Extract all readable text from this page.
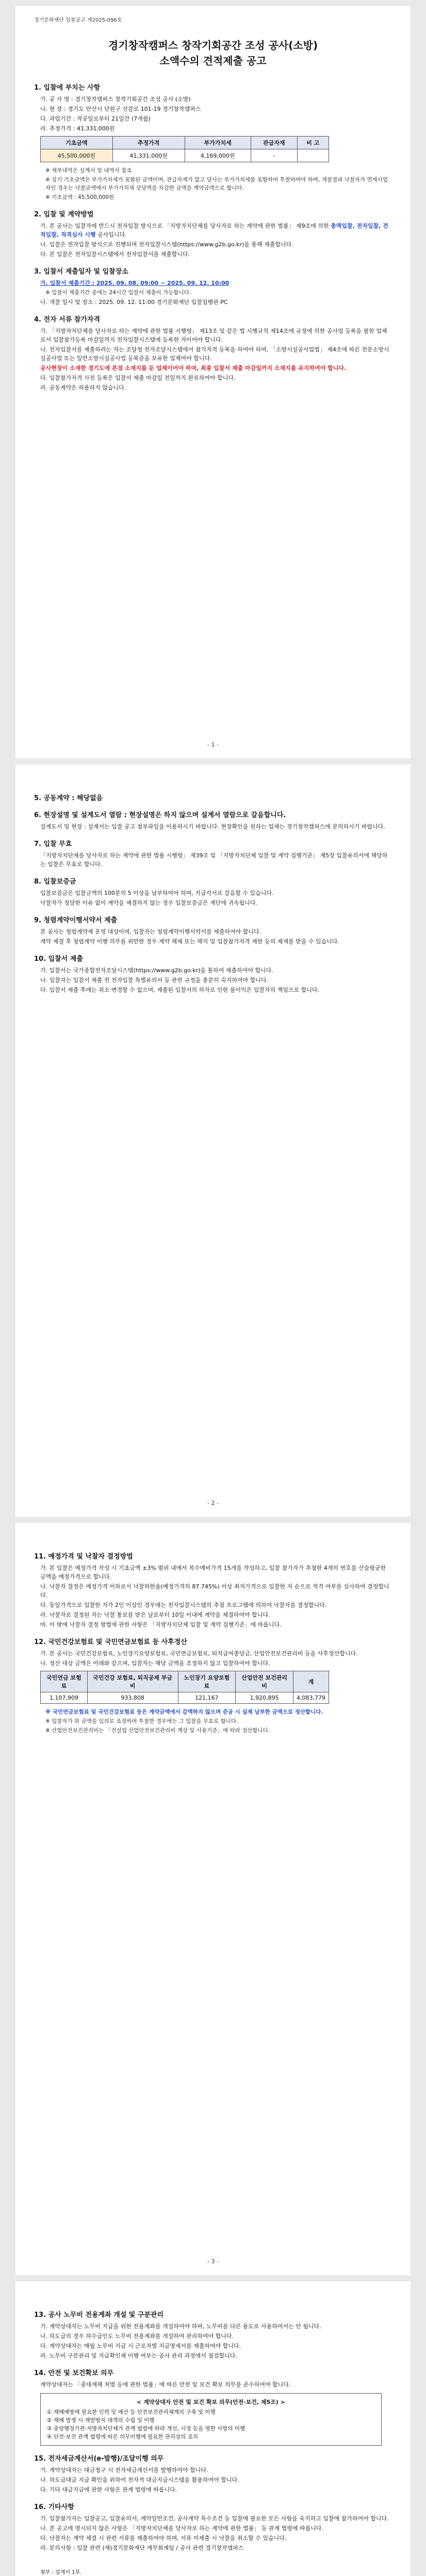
경기문화재단 입찰공고 제2025-096호
경기창작캠퍼스 창작기회공간 조성 공사(소방)
소액수의 견적제출 공고
1. 입찰에 부치는 사항
가. 공 사 명 : 경기창작캠퍼스 창작기회공간 조성 공사 (소방)
나. 현 장 : 경기도 안산시 단원구 선감로 101-19 경기창작캠퍼스
다. 과업기간 : 착공일로부터 21일간 (7개월)
라. 추정가격 : 41,331,000원
기초금액	추정가격	부가가치세	관급자재	비 고
45,500,000원	41,331,000원	4,169,000원	-	
※ 세부내역은 설계서 및 내역서 참조
※ 상기 기초금액은 부가가치세가 포함된 금액이며, 관급자재가 없고 당사는 부가가치세를 포함하여 투찰하여야 하며, 개찰결과 낙찰자가 면세사업자인 경우는 낙찰금액에서 부가가치세 상당액을 차감한 금액을 계약금액으로 합니다.
※ 기초금액 : 45,500,000원
2. 입찰 및 계약방법
가. 본 공사는 입찰자에 반드시 전자입찰 방식으로 「지방자치단체를 당사자로 하는 계약에 관한 법률」 제9조에 의한 총액입찰, 전자입찰, 견적입찰, 적격심사 시행 공사입니다.
나. 입찰은 전자입찰 방식으로 진행되며 전자입찰시스템(https://www.g2b.go.kr)을 통해 제출합니다.
다. 본 입찰은 전자입찰시스템에서 전자입찰서를 제출합니다.
3. 입찰서 제출일자 및 입찰장소
가. 입찰서 제출기간 : 2025. 09. 08. 09:00 ~ 2025. 09. 12. 10:00
※ 입찰서 제출기간 중에는 24시간 입찰서 제출이 가능합니다.
나. 개찰 일시 및 장소 : 2025. 09. 12. 11:00 경기문화재단 입찰집행관 PC
4. 전자 서류 참가자격
가. 「지방자치단체를 당사자로 하는 계약에 관한 법률 시행령」 제13조 및 같은 법 시행규칙 제14조에 규정에 의한 공사업 등록을 필한 업체로서 입찰참가등록 마감일까지 전자입찰시스템에 등록한 자이어야 합니다.
나. 전자입찰서를 제출하려는 자는 조달청 전자조달시스템에서 참가자격 등록을 하여야 하며, 「소방시설공사업법」 제4조에 따른 전문소방시설공사업 또는 일반소방시설공사업 등록증을 보유한 업체여야 합니다.
공사현장이 소재한 경기도에 본점 소재지를 둔 업체이어야 하며, 최종 입찰서 제출 마감일까지 소재지를 유지하여야 합니다.
다. 입찰참가자격 사전 등록은 입찰서 제출 마감일 전일까지 완료하여야 합니다.
라. 공동계약은 허용하지 않습니다.
- 1 -
5. 공동계약 : 해당없음
6. 현장설명 및 설계도서 열람 : 현장설명은 하지 않으며 설계서 열람으로 갈음합니다.
설계도서 및 현장 : 설계서는 입찰 공고 첨부파일을 이용하시기 바랍니다. 현장확인을 원하는 업체는 경기창작캠퍼스에 문의하시기 바랍니다.
7. 입찰 무효
「지방자치단체를 당사자로 하는 계약에 관한 법률 시행령」 제39조 및 「지방자치단체 입찰 및 계약 집행기준」 제5장 입찰유의서에 해당하는 입찰은 무효로 합니다.
8. 입찰보증금
입찰보증금은 입찰금액의 100분의 5 이상을 납부하여야 하며, 지급각서로 갈음할 수 있습니다.
낙찰자가 정당한 이유 없이 계약을 체결하지 않는 경우 입찰보증금은 재단에 귀속됩니다.
9. 청렴계약이행서약서 제출
본 공사는 청렴계약제 운영 대상이며, 입찰자는 청렴계약이행서약서를 제출하여야 합니다.
계약 체결 후 청렴계약 이행 의무를 위반한 경우 계약 해제 또는 해지 및 입찰참가자격 제한 등의 제재를 받을 수 있습니다.
10. 입찰서 제출
가. 입찰서는 국가종합전자조달시스템(https://www.g2b.go.kr)을 통하여 제출하여야 합니다.
나. 입찰자는 입찰서 제출 전 전자입찰 특별유의서 등 관련 규정을 충분히 숙지하여야 합니다.
다. 입찰서 제출 후에는 취소·변경할 수 없으며, 제출된 입찰서의 하자로 인한 불이익은 입찰자의 책임으로 합니다.
- 2 -
11. 예정가격 및 낙찰자 결정방법
가. 본 입찰은 예정가격 작성 시 기초금액 ±3% 범위 내에서 복수예비가격 15개를 작성하고, 입찰 참가자가 추첨한 4개의 번호를 산술평균한 금액을 예정가격으로 합니다.
나. 낙찰자 결정은 예정가격 이하로서 낙찰하한율(예정가격의 87.745%) 이상 최저가격으로 입찰한 자 순으로 적격 여부를 심사하여 결정합니다.
다. 동일가격으로 입찰한 자가 2인 이상인 경우에는 전자입찰시스템의 추첨 프로그램에 의하여 낙찰자를 결정합니다.
라. 낙찰자로 결정된 자는 낙찰 통보를 받은 날로부터 10일 이내에 계약을 체결하여야 합니다.
마. 이 밖에 낙찰자 결정 방법에 관한 사항은 「지방자치단체 입찰 및 계약 집행기준」에 따릅니다.
12. 국민건강보험료 및 국민연금보험료 등 사후정산
가. 본 공사는 국민건강보험료, 노인장기요양보험료, 국민연금보험료, 퇴직급여충당금, 산업안전보건관리비 등을 사후정산합니다.
나. 정산 대상 금액은 아래와 같으며, 입찰자는 해당 금액을 조정하지 않고 입찰하여야 합니다.
국민연금 보험료	국민건강 보험료, 퇴직공제 부금비	노인장기 요양보험료	산업안전 보건관리비	계
1,107,909	933,808	121,167	1,920,895	4,083,779
※ 국민연금보험료 및 국민건강보험료 등은 계약금액에서 감액하지 않으며 준공 시 실제 납부한 금액으로 정산합니다.
※ 입찰자가 위 금액을 임의로 조정하여 투찰한 경우에는 그 입찰을 무효로 합니다.
※ 산업안전보건관리비는 「건설업 산업안전보건관리비 계상 및 사용기준」에 따라 정산합니다.
- 3 -
13. 공사 노무비 전용계좌 개설 및 구분관리
가. 계약상대자는 노무비 지급을 위한 전용계좌를 개설하여야 하며, 노무비를 다른 용도로 사용하여서는 안 됩니다.
나. 하도급의 경우 하수급인도 노무비 전용계좌를 개설하여 관리하여야 합니다.
다. 계약상대자는 매월 노무비 지급 시 근로자별 지급명세서를 제출하여야 합니다.
라. 노무비 구분관리 및 지급확인제 이행 여부는 공사 관리 과정에서 점검합니다.
14. 안전 및 보건확보 의무
계약상대자는 「중대재해 처벌 등에 관한 법률」에 따른 안전 및 보건 확보 의무를 준수하여야 합니다.
< 계약상대자 안전 및 보건 확보 의무(안전·보건, 제5조) >
① 재해예방에 필요한 인력 및 예산 등 안전보건관리체계의 구축 및 이행
② 재해 발생 시 재발방지 대책의 수립 및 이행
③ 중앙행정기관·지방자치단체가 관계 법령에 따라 개선, 시정 등을 명한 사항의 이행
④ 안전·보건 관계 법령에 따른 의무이행에 필요한 관리상의 조치
15. 전자세금계산서(e-발행)/조달이행 의무
가. 계약상대자는 대금청구 시 전자세금계산서를 발행하여야 합니다.
나. 하도급대금 지급 확인을 위하여 전자적 대금지급시스템을 활용하여야 합니다.
다. 기타 대금지급에 관한 사항은 관계 법령에 따릅니다.
16. 기타사항
가. 입찰참가자는 입찰공고, 입찰유의서, 계약일반조건, 공사계약 특수조건 등 입찰에 필요한 모든 사항을 숙지하고 입찰에 참가하여야 합니다.
나. 본 공고에 명시되지 않은 사항은 「지방자치단체를 당사자로 하는 계약에 관한 법률」 등 관계 법령에 따릅니다.
다. 낙찰자는 계약 체결 시 관련 서류를 제출하여야 하며, 서류 미제출 시 낙찰을 취소할 수 있습니다.
라. 문의사항 : 입찰 관련 (재)경기문화재단 재무회계팀 / 공사 관련 경기창작캠퍼스
첨부 : 설계서 1부.
